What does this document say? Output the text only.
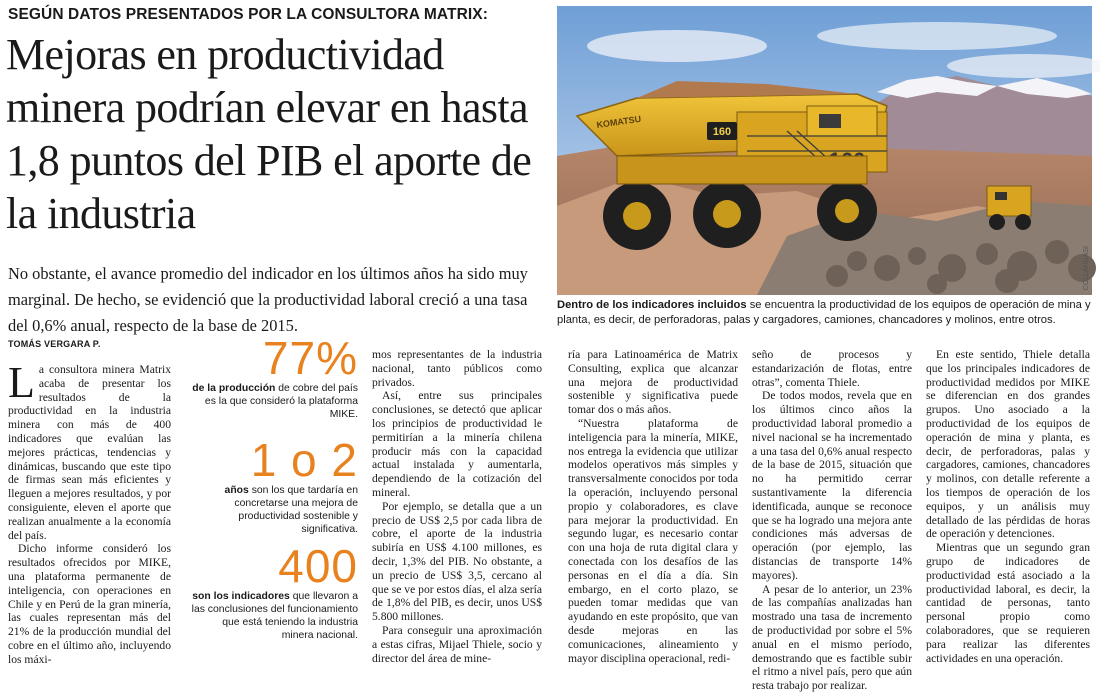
SEGÚN DATOS PRESENTADOS POR LA CONSULTORA MATRIX:
Mejoras en productividad minera podrían elevar en hasta 1,8 puntos del PIB el aporte de la industria
No obstante, el avance promedio del indicador en los últimos años ha sido muy marginal. De hecho, se evidenció que la productividad laboral creció a una tasa del 0,6% anual, respecto de la base de 2015.
160
KOMATSU
COLLAHUASI
Dentro de los indicadores incluidos se encuentra la productividad de los equipos de operación de mina y planta, es decir, de perforadoras, palas y cargadores, camiones, chancadores y molinos, entre otros.
TOMÁS VERGARA P.

La consultora minera Matrix acaba de presentar los resultados de la productividad en la industria minera con más de 400 indicadores que evalúan las mejores prácticas, tendencias y dinámicas, buscando que este tipo de firmas sean más eficientes y lleguen a mejores resultados, y por consiguiente, eleven el aporte que realizan anualmente a la economía del país.

Dicho informe consideró los resultados ofrecidos por MIKE, una plataforma permanente de inteligencia, con operaciones en Chile y en Perú de la gran minería, las cuales representan más del 21% de la producción mundial del cobre en el último año, incluyendo los máxi-

77%
de la producción de cobre del país es la que consideró la plataforma MIKE.
1 o 2
años son los que tardaría en concretarse una mejora de productividad sostenible y significativa.
400
son los indicadores que llevaron a las conclusiones del funcionamiento que está teniendo la industria minera nacional.

mos representantes de la industria nacional, tanto públicos como privados.

Así, entre sus principales conclusiones, se detectó que aplicar los principios de productividad le permitirían a la minería chilena producir más con la capacidad actual instalada y aumentarla, dependiendo de la cotización del mineral.

Por ejemplo, se detalla que a un precio de US$ 2,5 por cada libra de cobre, el aporte de la industria subiría en US$ 4.100 millones, es decir, 1,3% del PIB. No obstante, a un precio de US$ 3,5, cercano al que se ve por estos días, el alza sería de 1,8% del PIB, es decir, unos US$ 5.800 millones.

Para conseguir una aproximación a estas cifras, Mijael Thiele, socio y director del área de mine-

ría para Latinoamérica de Matrix Consulting, explica que alcanzar una mejora de productividad sostenible y significativa puede tomar dos o más años.

“Nuestra plataforma de inteligencia para la minería, MIKE, nos entrega la evidencia que utilizar modelos operativos más simples y transversalmente conocidos por toda la operación, incluyendo personal propio y colaboradores, es clave para mejorar la productividad. En segundo lugar, es necesario contar con una hoja de ruta digital clara y conectada con los desafíos de las personas en el día a día. Sin embargo, en el corto plazo, se pueden tomar medidas que van ayudando en este propósito, que van desde mejoras en las comunicaciones, alineamiento y mayor disciplina operacional, redi-

seño de procesos y estandarización de flotas, entre otras”, comenta Thiele.

De todos modos, revela que en los últimos cinco años la productividad laboral promedio a nivel nacional se ha incrementado a una tasa del 0,6% anual respecto de la base de 2015, situación que no ha permitido cerrar sustantivamente la diferencia identificada, aunque se reconoce que se ha logrado una mejora ante condiciones más adversas de operación (por ejemplo, las distancias de transporte 14% mayores).

A pesar de lo anterior, un 23% de las compañías analizadas han mostrado una tasa de incremento de productividad por sobre el 5% anual en el mismo período, demostrando que es factible subir el ritmo a nivel país, pero que aún resta trabajo por realizar.

En este sentido, Thiele detalla que los principales indicadores de productividad medidos por MIKE se diferencian en dos grandes grupos. Uno asociado a la productividad de los equipos de operación de mina y planta, es decir, de perforadoras, palas y cargadores, camiones, chancadores y molinos, con detalle referente a los tiempos de operación de los equipos, y un análisis muy detallado de las pérdidas de horas de operación y detenciones.

Mientras que un segundo gran grupo de indicadores de productividad está asociado a la productividad laboral, es decir, la cantidad de personas, tanto personal propio como colaboradores, que se requieren para realizar las diferentes actividades en una operación.
